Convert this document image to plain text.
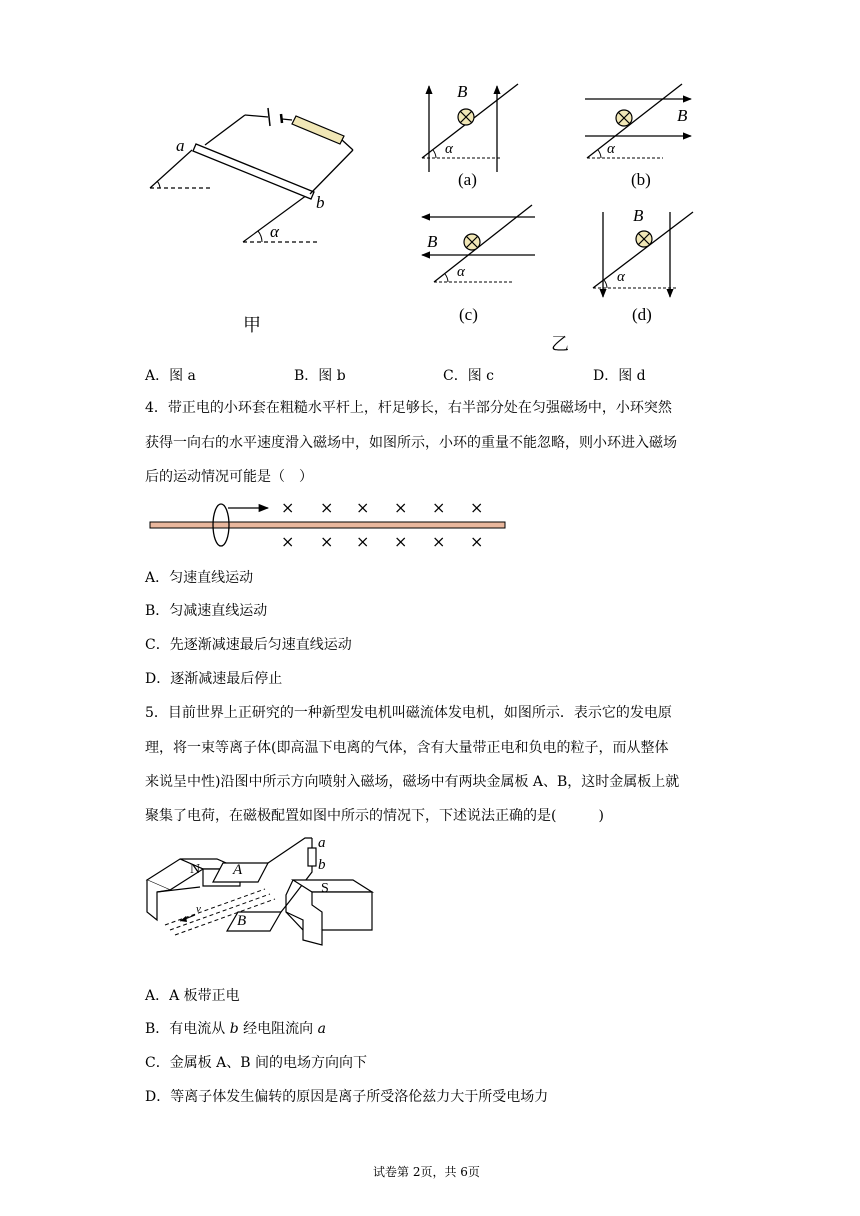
a
b
α
甲
B
α
(a)
B
α
(b)
B
α
(c)
B
α
(d)
乙
A．图 a	B．图 b	C．图 c	D．图 d
4．带正电的小环套在粗糙水平杆上，杆足够长，右半部分处在匀强磁场中，小环突然
获得一向右的水平速度滑入磁场中，如图所示，小环的重量不能忽略，则小环进入磁场
后的运动情况可能是（　）
× × × × × ×
× × × × × ×
A．匀速直线运动
B．匀减速直线运动
C．先逐渐减速最后匀速直线运动
D．逐渐减速最后停止
5．目前世界上正研究的一种新型发电机叫磁流体发电机，如图所示．表示它的发电原
理，将一束等离子体(即高温下电离的气体，含有大量带正电和负电的粒子，而从整体
来说呈中性)沿图中所示方向喷射入磁场，磁场中有两块金属板 A、B，这时金属板上就
聚集了电荷，在磁极配置如图中所示的情况下，下述说法正确的是(　　　)
N A
B
a
b
S
v
A．A 板带正电
B．有电流从 b 经电阻流向 a
C．金属板 A、B 间的电场方向向下
D．等离子体发生偏转的原因是离子所受洛伦兹力大于所受电场力
试卷第 2页，共 6页
